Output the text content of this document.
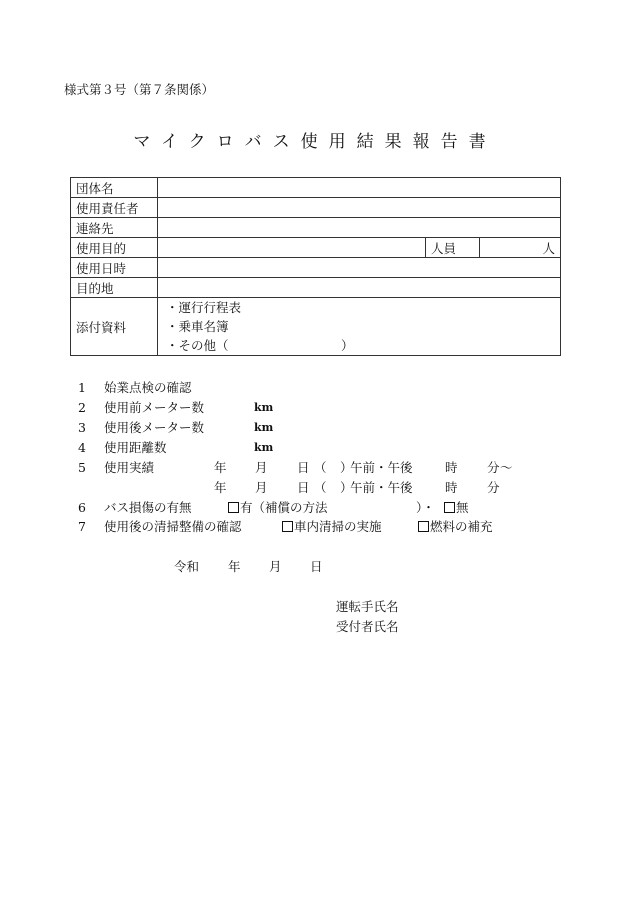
様式第３号（第７条関係）
マイクロバス使用結果報告書
団体名			
使用責任者			
連絡先			
使用目的		人員	人
使用日時			
目的地			
添付資料	・運行行程表
・乗車名簿
・その他（　　　　　　　　　）		
1 始業点検の確認
2 使用前メーター数	km
3 使用後メーター数	km
4 使用距離数	km
5 使用実績	年 月 日 （ ）
午前・午後	時 分 〜
年 月 日 （ ）
午前・午後	時 分
6 バス損傷の有無	有（補償の方法	）・	無
7 使用後の清掃整備の確認	車内清掃の実施	燃料の補充
令和 年 月 日
運転手氏名
受付者氏名
